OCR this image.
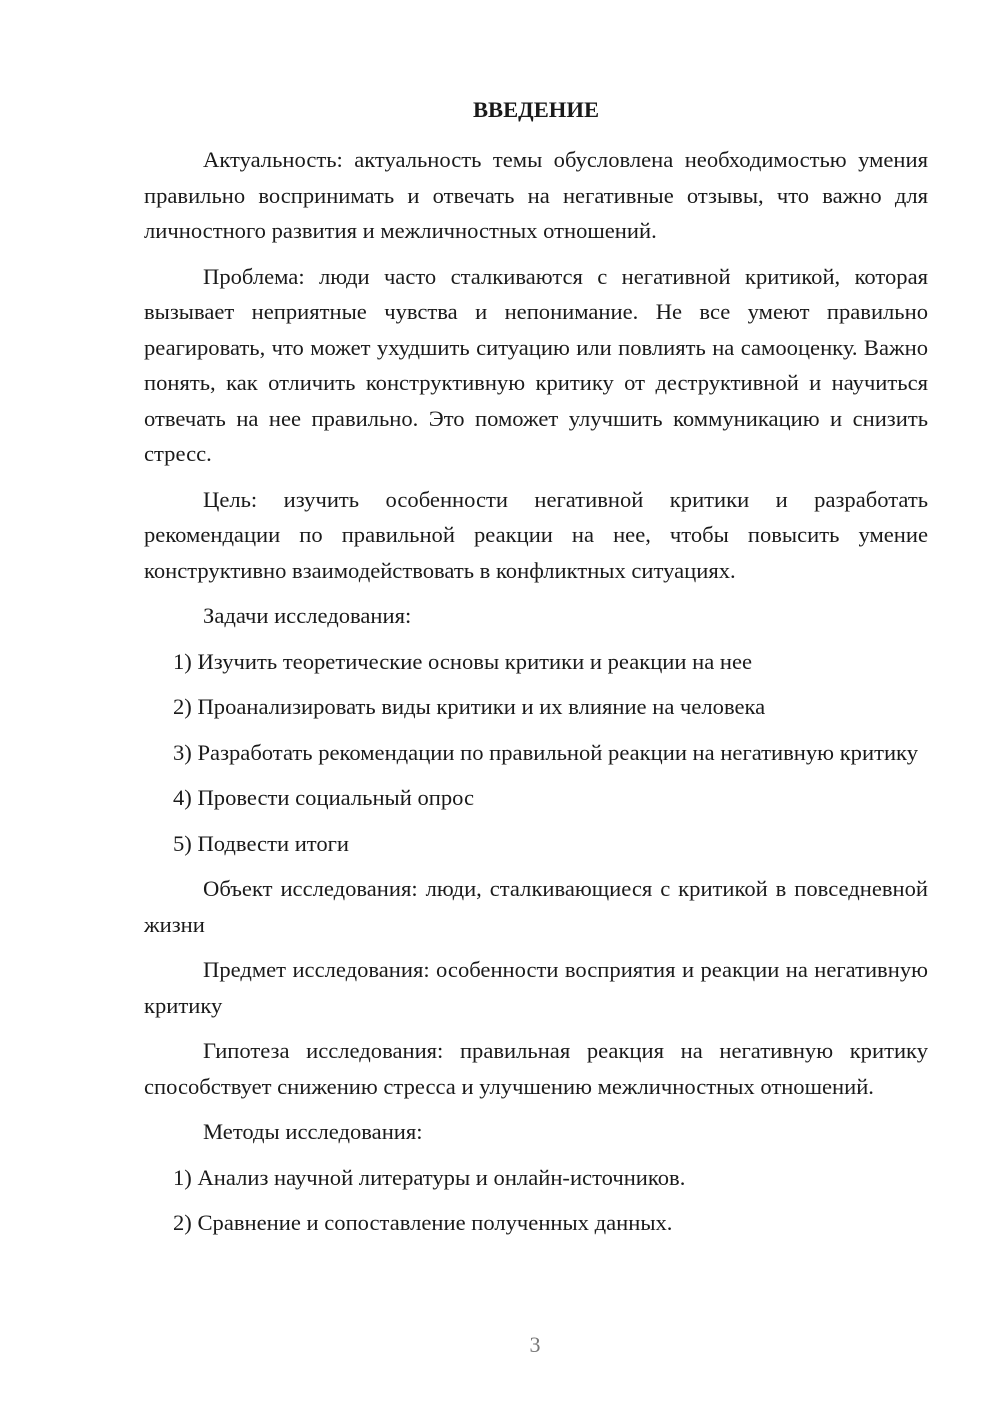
ВВЕДЕНИЕ

Актуальность: актуальность темы обусловлена необходимостью умения правильно воспринимать и отвечать на негативные отзывы, что важно для личностного развития и межличностных отношений.

Проблема: люди часто сталкиваются с негативной критикой, которая вызывает неприятные чувства и непонимание. Не все умеют правильно реагировать, что может ухудшить ситуацию или повлиять на самооценку. Важно понять, как отличить конструктивную критику от деструктивной и научиться отвечать на нее правильно. Это поможет улучшить коммуникацию и снизить стресс.

Цель: изучить особенности негативной критики и разработать рекомендации по правильной реакции на нее, чтобы повысить умение конструктивно взаимодействовать в конфликтных ситуациях.

Задачи исследования:

1) Изучить теоретические основы критики и реакции на нее

2) Проанализировать виды критики и их влияние на человека

3) Разработать рекомендации по правильной реакции на негативную критику

4) Провести социальный опрос

5) Подвести итоги

Объект исследования: люди, сталкивающиеся с критикой в повседневной жизни

Предмет исследования: особенности восприятия и реакции на негативную критику

Гипотеза исследования: правильная реакция на негативную критику способствует снижению стресса и улучшению межличностных отношений.

Методы исследования:

1) Анализ научной литературы и онлайн-источников.

2) Сравнение и сопоставление полученных данных.

3
